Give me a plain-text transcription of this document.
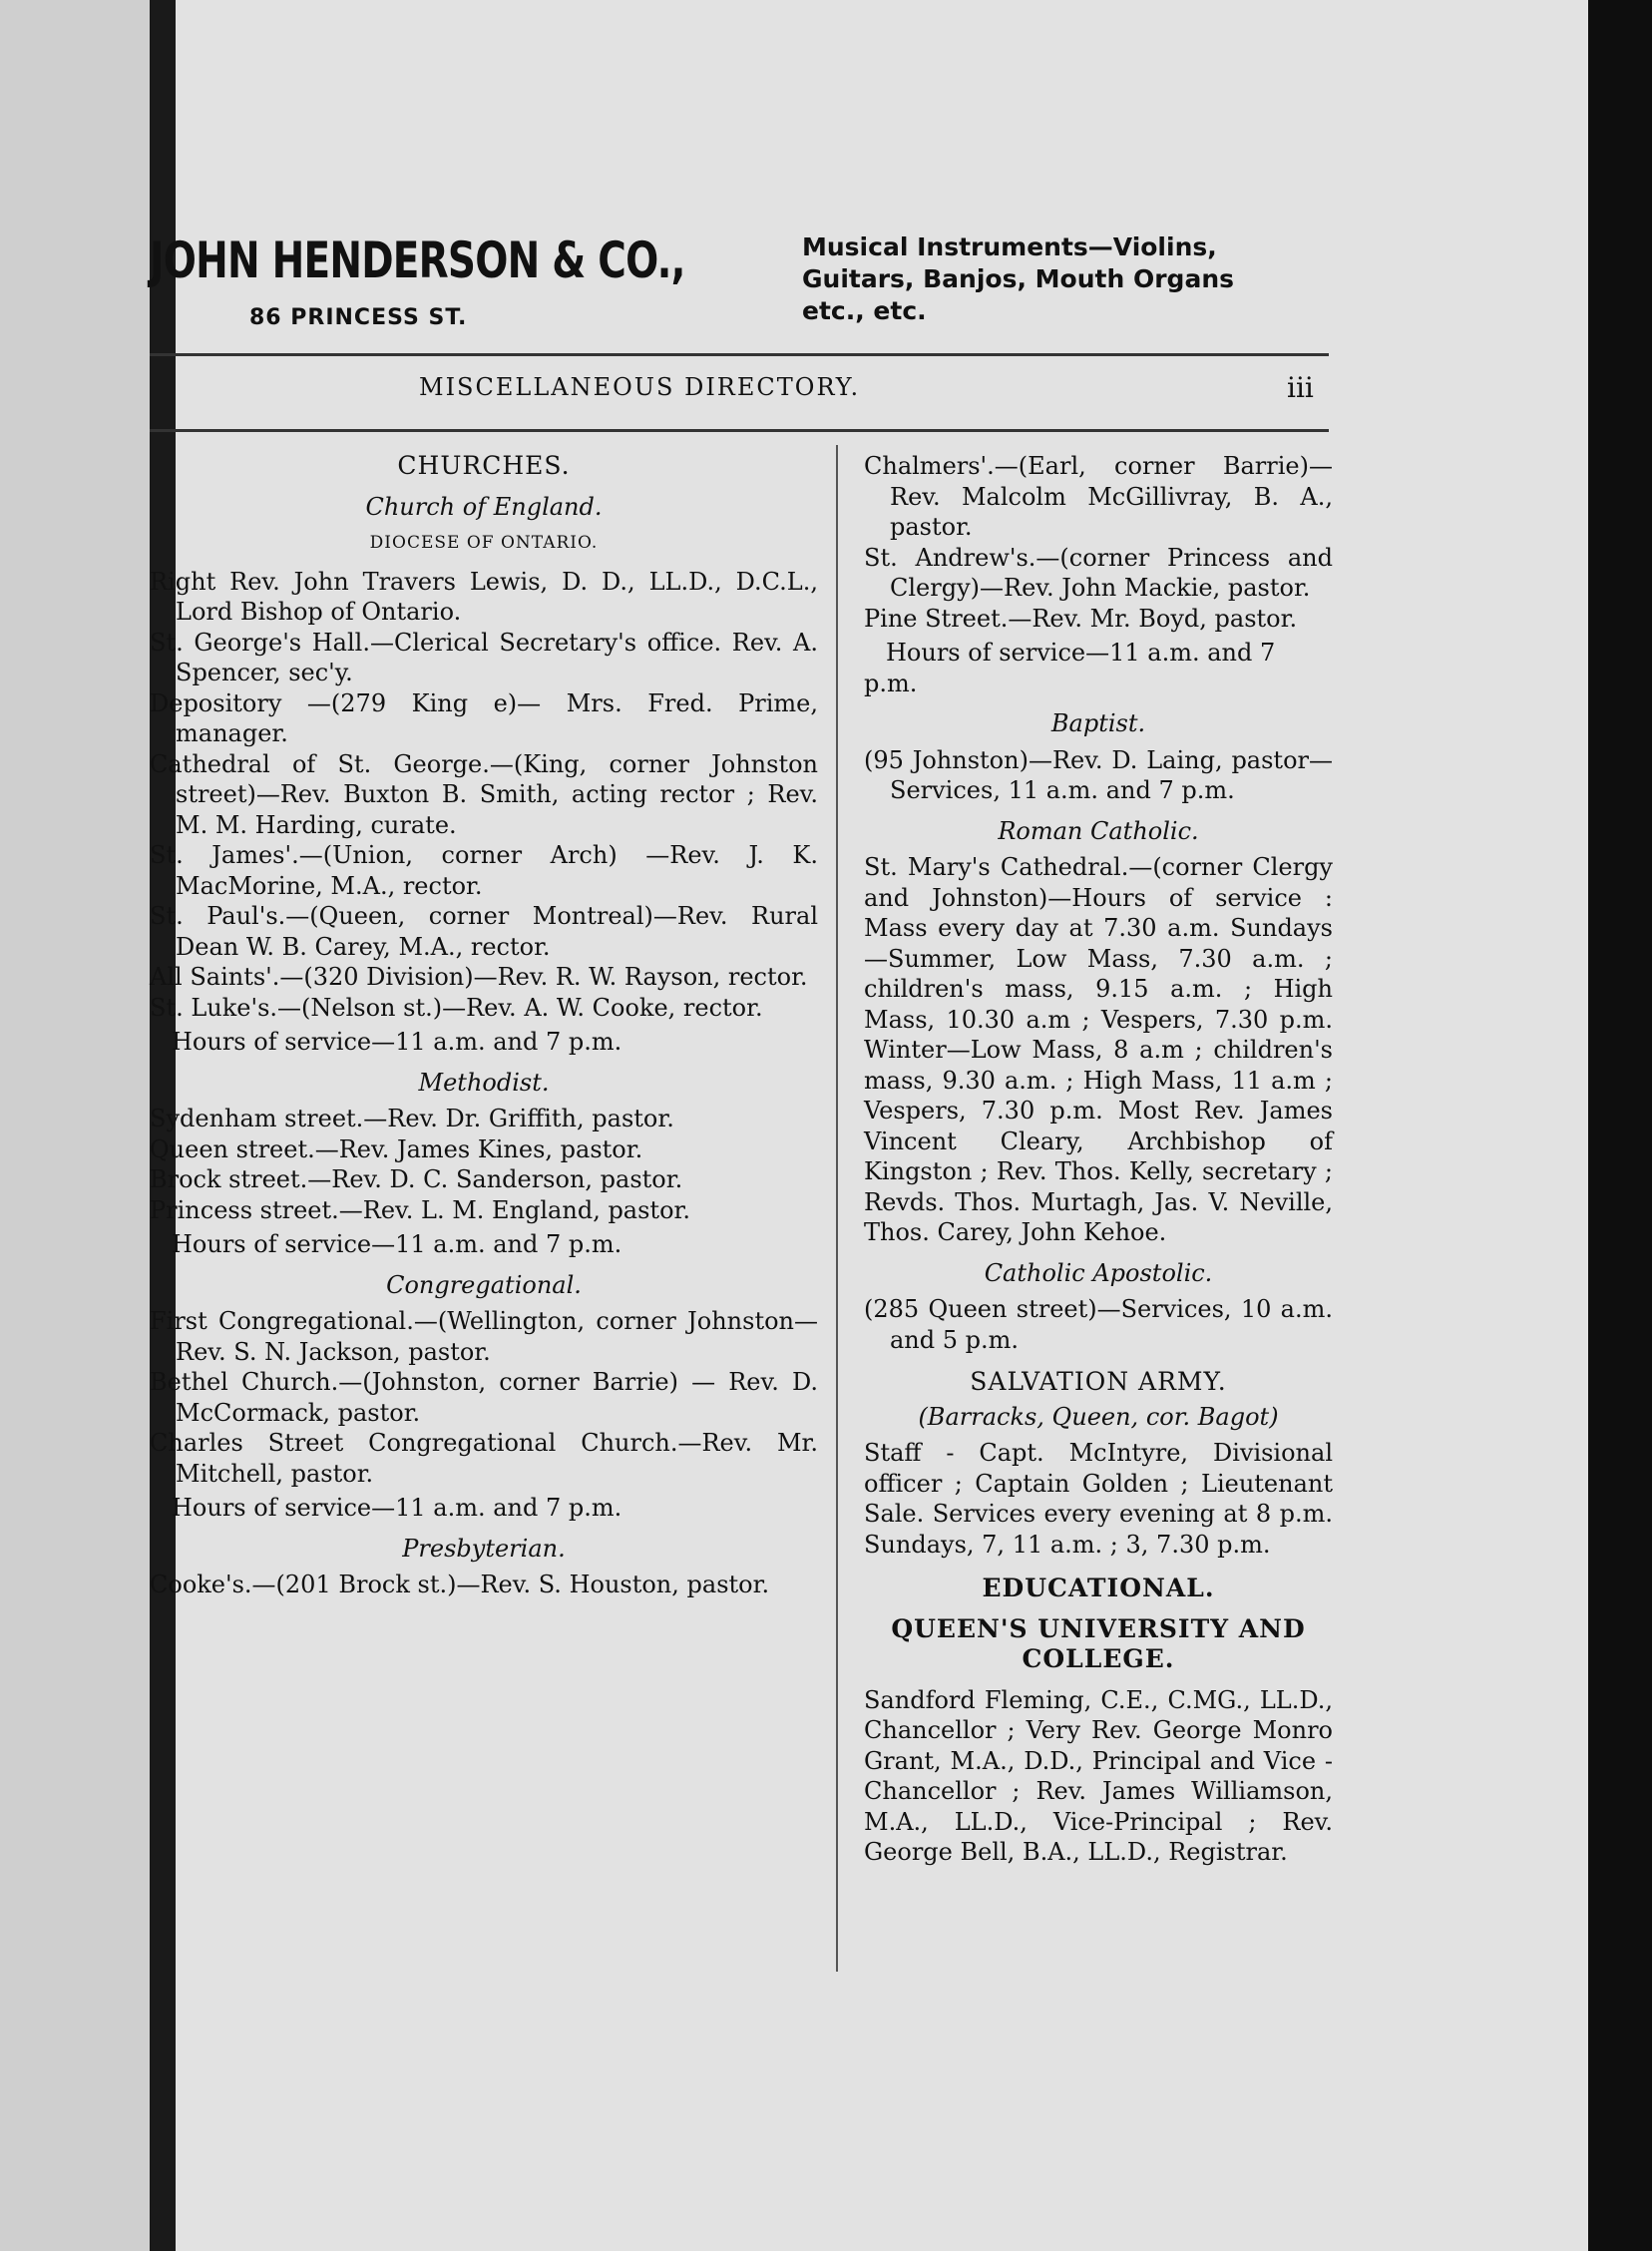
JOHN HENDERSON & CO.,
86 PRINCESS ST.
Musical Instruments—Violins,
Guitars, Banjos, Mouth Organs
etc., etc.
MISCELLANEOUS DIRECTORY.	iii

CHURCHES.

Church of England.

DIOCESE OF ONTARIO.

Right Rev. John Travers Lewis, D. D., LL.D., D.C.L., Lord Bishop of Ontario.

St. George's Hall.—Clerical Secretary's office. Rev. A. Spencer, sec'y.

Depository —(279 King e)— Mrs. Fred. Prime, manager.

Cathedral of St. George.—(King, corner Johnston street)—Rev. Buxton B. Smith, acting rector ; Rev. M. M. Harding, curate.

St. James'.—(Union, corner Arch) —Rev. J. K. MacMorine, M.A., rector.

St. Paul's.—(Queen, corner Montreal)—Rev. Rural Dean W. B. Carey, M.A., rector.

All Saints'.—(320 Division)—Rev. R. W. Rayson, rector.

St. Luke's.—(Nelson st.)—Rev. A. W. Cooke, rector.

Hours of service—11 a.m. and 7 p.m.

Methodist.

Sydenham street.—Rev. Dr. Griffith, pastor.

Queen street.—Rev. James Kines, pastor.

Brock street.—Rev. D. C. Sanderson, pastor.

Princess street.—Rev. L. M. England, pastor.

Hours of service—11 a.m. and 7 p.m.

Congregational.

First Congregational.—(Wellington, corner Johnston—Rev. S. N. Jackson, pastor.

Bethel Church.—(Johnston, corner Barrie) — Rev. D. McCormack, pastor.

Charles Street Congregational Church.—Rev. Mr. Mitchell, pastor.

Hours of service—11 a.m. and 7 p.m.

Presbyterian.

Cooke's.—(201 Brock st.)—Rev. S. Houston, pastor.

Chalmers'.—(Earl, corner Barrie)— Rev. Malcolm McGillivray, B. A., pastor.

St. Andrew's.—(corner Princess and Clergy)—Rev. John Mackie, pastor.

Pine Street.—Rev. Mr. Boyd, pastor.

Hours of service—11 a.m. and 7 p.m.

Baptist.

(95 Johnston)—Rev. D. Laing, pastor—Services, 11 a.m. and 7 p.m.

Roman Catholic.

St. Mary's Cathedral.—(corner Clergy and Johnston)—Hours of service : Mass every day at 7.30 a.m. Sundays—Summer, Low Mass, 7.30 a.m. ; children's mass, 9.15 a.m. ; High Mass, 10.30 a.m ; Vespers, 7.30 p.m. Winter—Low Mass, 8 a.m ; children's mass, 9.30 a.m. ; High Mass, 11 a.m ; Vespers, 7.30 p.m. Most Rev. James Vincent Cleary, Archbishop of Kingston ; Rev. Thos. Kelly, secretary ; Revds. Thos. Murtagh, Jas. V. Neville, Thos. Carey, John Kehoe.

Catholic Apostolic.

(285 Queen street)—Services, 10 a.m. and 5 p.m.

SALVATION ARMY.

(Barracks, Queen, cor. Bagot)

Staff - Capt. McIntyre, Divisional officer ; Captain Golden ; Lieutenant Sale. Services every evening at 8 p.m. Sundays, 7, 11 a.m. ; 3, 7.30 p.m.

EDUCATIONAL.

QUEEN'S UNIVERSITY AND COLLEGE.

Sandford Fleming, C.E., C.MG., LL.D., Chancellor ; Very Rev. George Monro Grant, M.A., D.D., Principal and Vice - Chancellor ; Rev. James Williamson, M.A., LL.D., Vice-Principal ; Rev. George Bell, B.A., LL.D., Registrar.
